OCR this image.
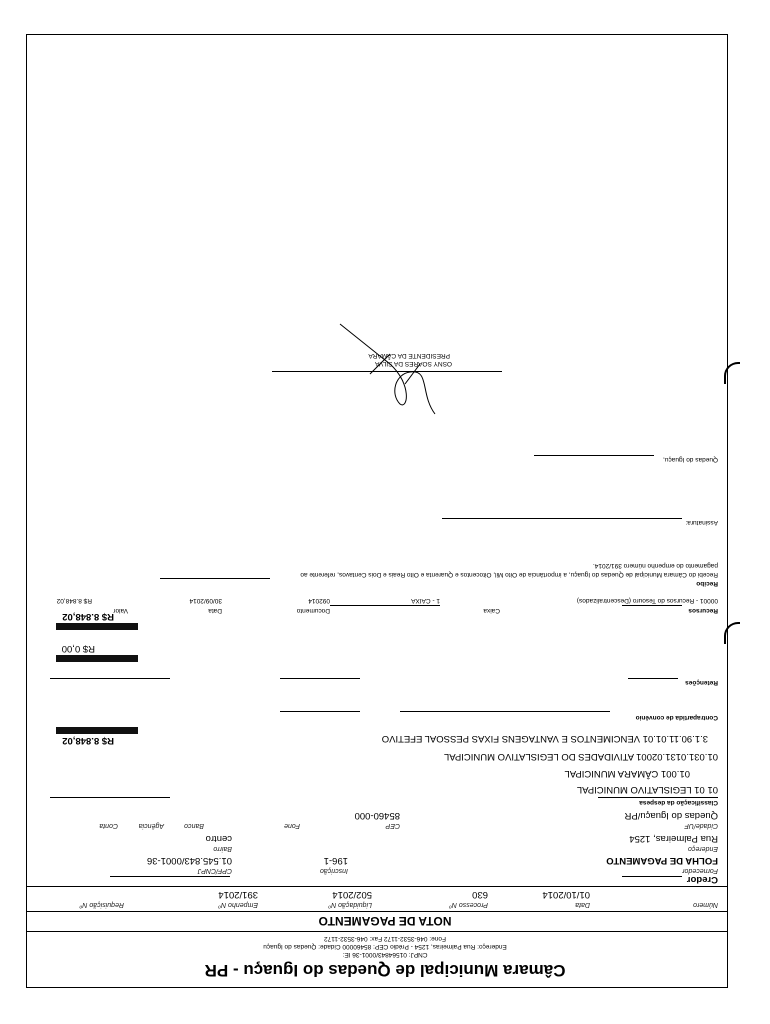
Câmara Municipal de Quedas do Iguaçu - PR
CNPJ: 01564843/0001-36 IE:
Endereço: Rua Palmeiras, 1254 - Prédio CEP: 85460000 Cidade: Quedas do Iguaçu
Fone: 046-3532-1172 Fax: 046-3532-1172
NOTA DE PAGAMENTO
Número
Data
Processo Nº
Liquidação Nº
Empenho Nº
Requisição Nº
01/10/2014
630
502/2014
391/2014
Credor
Fornecedor
Inscrição
CPF/CNPJ
FOLHA DE PAGAMENTO
196-1
01.545.843/0001-36
Endereço
Bairro
Rua Palmeiras, 1254
centro
Cidade/UF
CEP
Fone
Banco
Agência
Conta
Quedas do Iguaçu/PR
85460-000
Classificação da despesa
01 01 LEGISLATIVO MUNICIPAL
01.001 CÂMARA MUNICIPAL
01.031.0131.02001 ATIVIDADES DO LEGISLATIVO MUNICIPAL
3.1.90.11.01.01 VENCIMENTOS E VANTAGENS FIXAS PESSOAL EFETIVO
R$ 8.848,02
Contrapartida de convênio
Retenções
R$ 0,00
R$ 8.848,02
Recursos
Caixa
Documento
Data
Valor
00001 - Recursos do Tesouro (Descentralizados)
1 - CAIXA
092014
30/09/2014
R$ 8.848,02
Recibo
Recebi do Câmara Municipal de Quedas do Iguaçu, a importância de Oito Mil, Oitocentos e Quarenta e Oito Reais e Dois Centavos, referente ao
pagamento do empenho número 391/2014.
Assinatura:
Quedas do Iguaçu,
OSNY SOARES DA SILVA
PRESIDENTE DA CÂMARA
